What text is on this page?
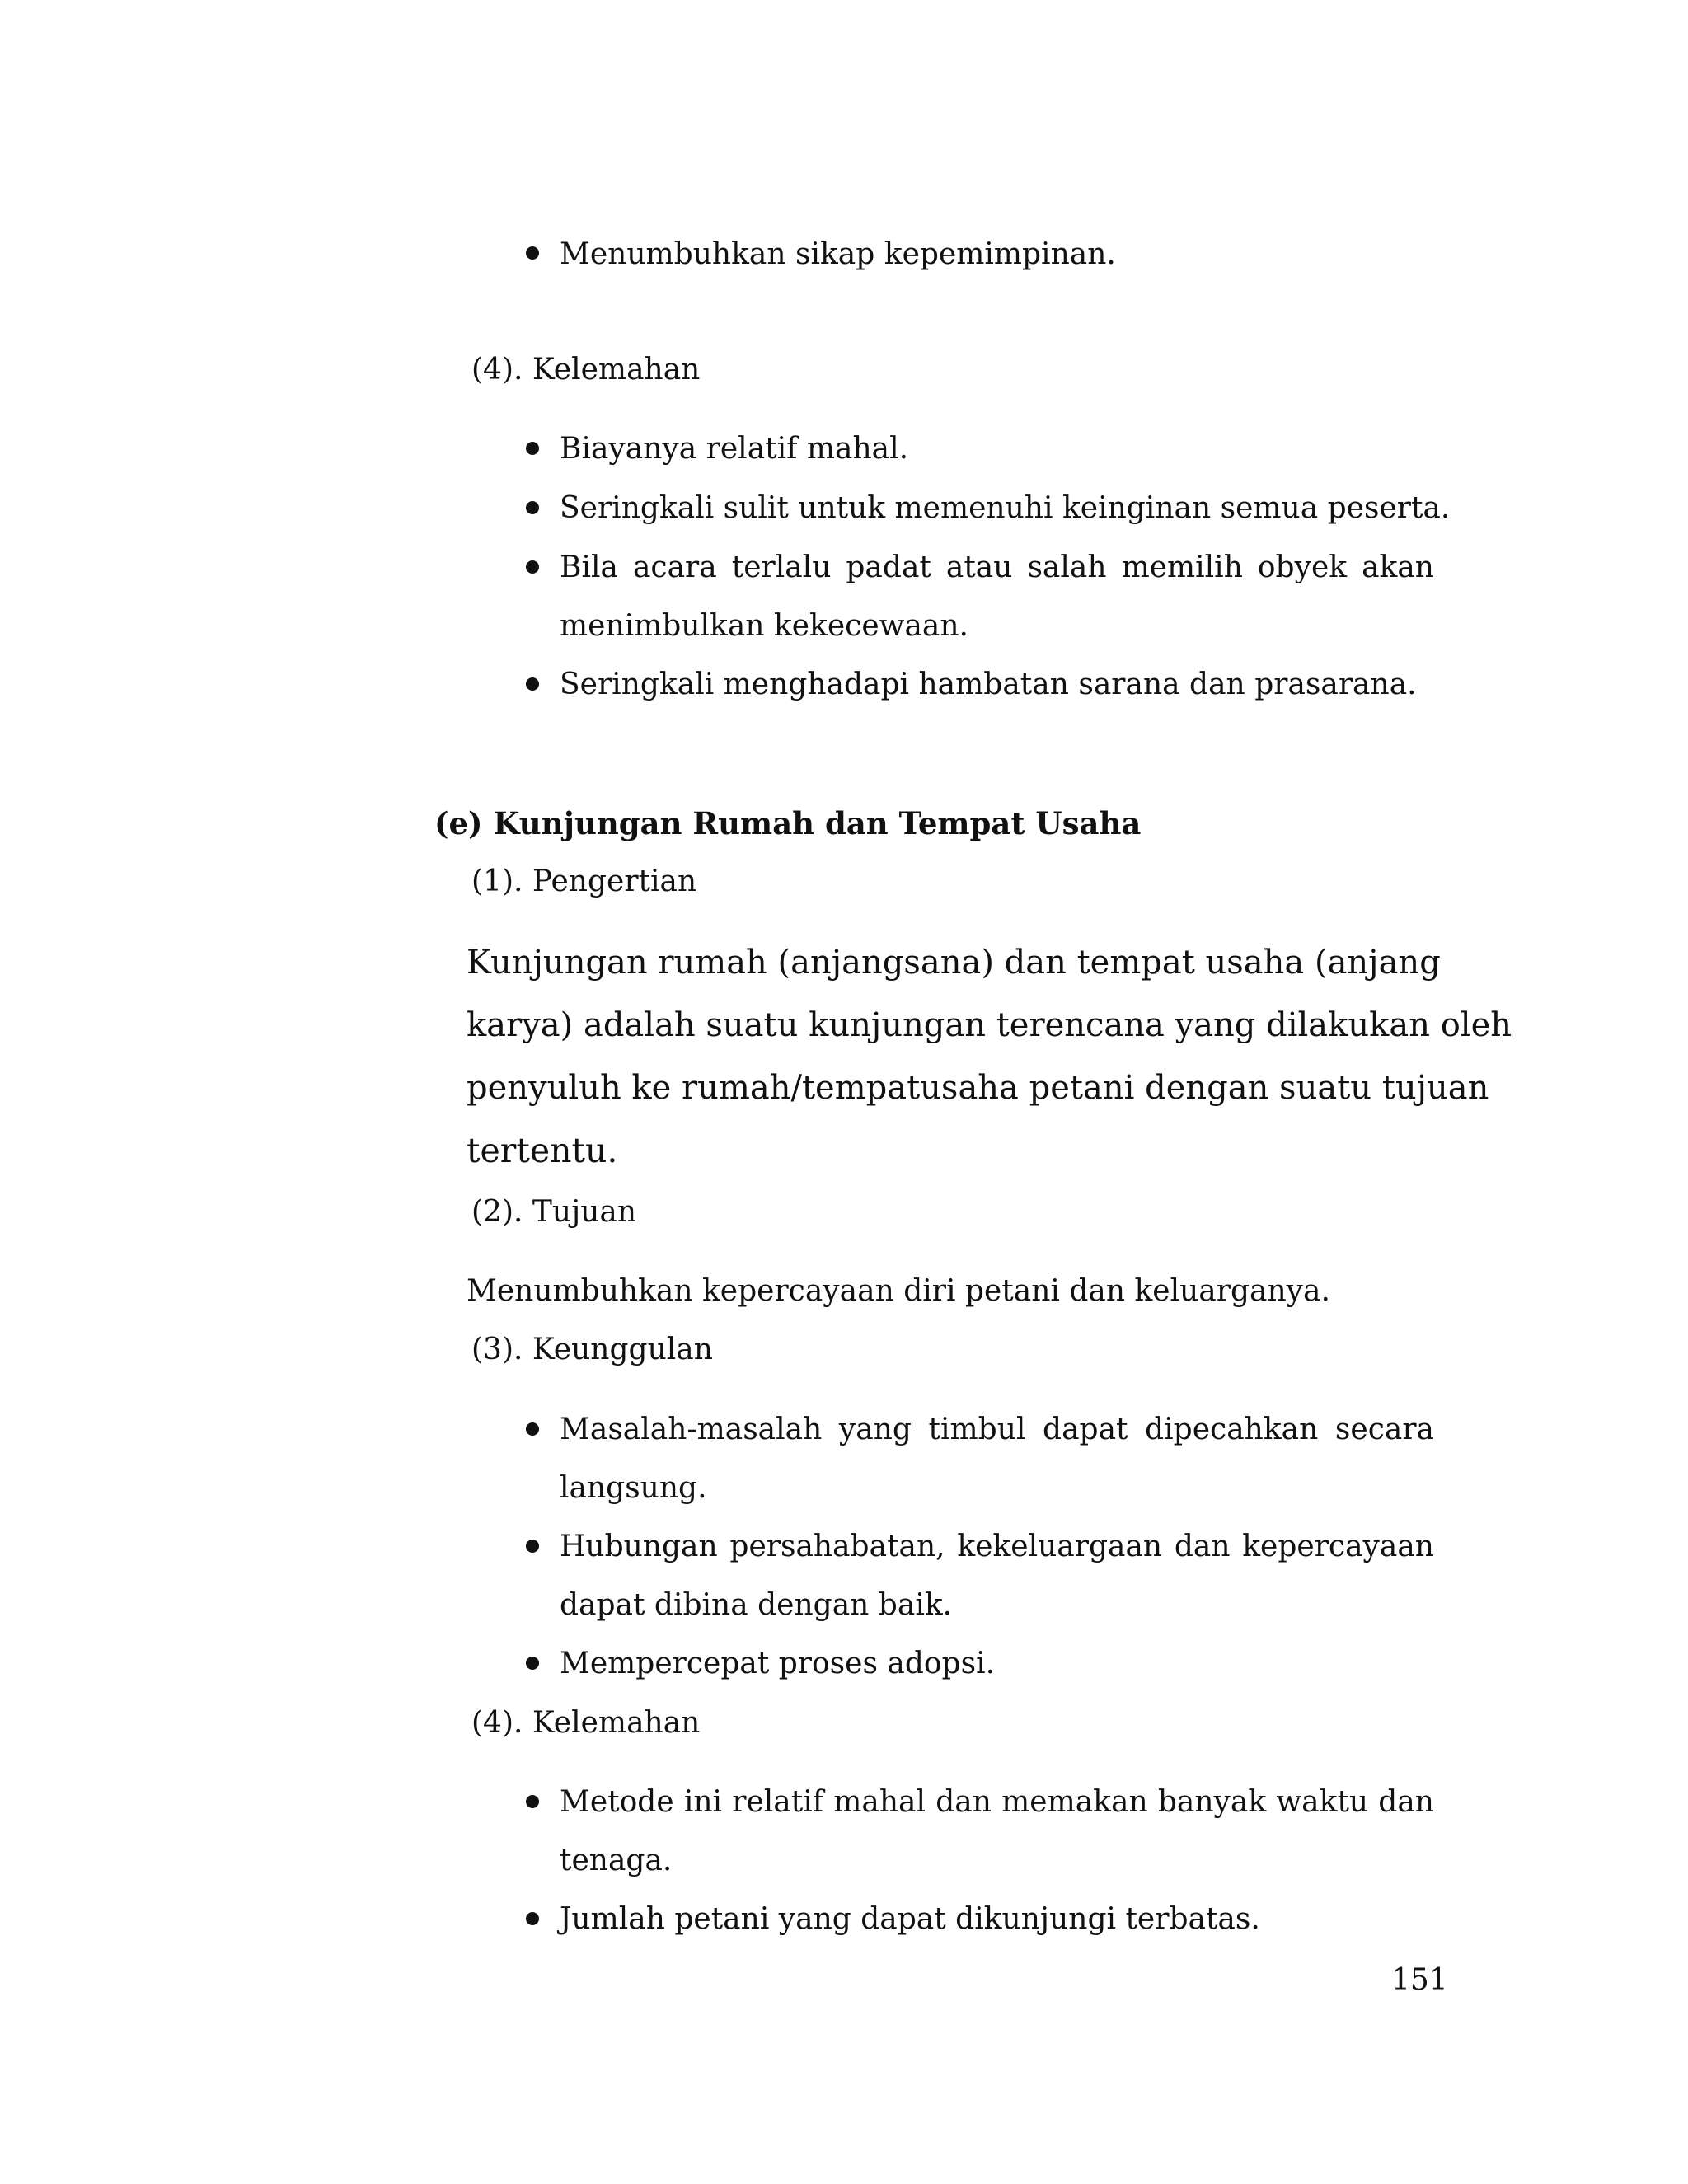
Menumbuhkan sikap kepemimpinan.
(4). Kelemahan
Biayanya relatif mahal.
Seringkali sulit untuk memenuhi keinginan semua peserta.
Bila acara terlalu padat atau salah memilih obyek akan
menimbulkan kekecewaan.
Seringkali menghadapi hambatan sarana dan prasarana.
(e) Kunjungan Rumah dan Tempat Usaha
(1). Pengertian
Kunjungan rumah (anjangsana) dan tempat usaha (anjang
karya) adalah suatu kunjungan terencana yang dilakukan oleh
penyuluh ke rumah/tempatusaha petani dengan suatu tujuan
tertentu.
(2). Tujuan
Menumbuhkan kepercayaan diri petani dan keluarganya.
(3). Keunggulan
Masalah-masalah yang timbul dapat dipecahkan secara
langsung.
Hubungan persahabatan, kekeluargaan dan kepercayaan
dapat dibina dengan baik.
Mempercepat proses adopsi.
(4). Kelemahan
Metode ini relatif mahal dan memakan banyak waktu dan
tenaga.
Jumlah petani yang dapat dikunjungi terbatas.
151
